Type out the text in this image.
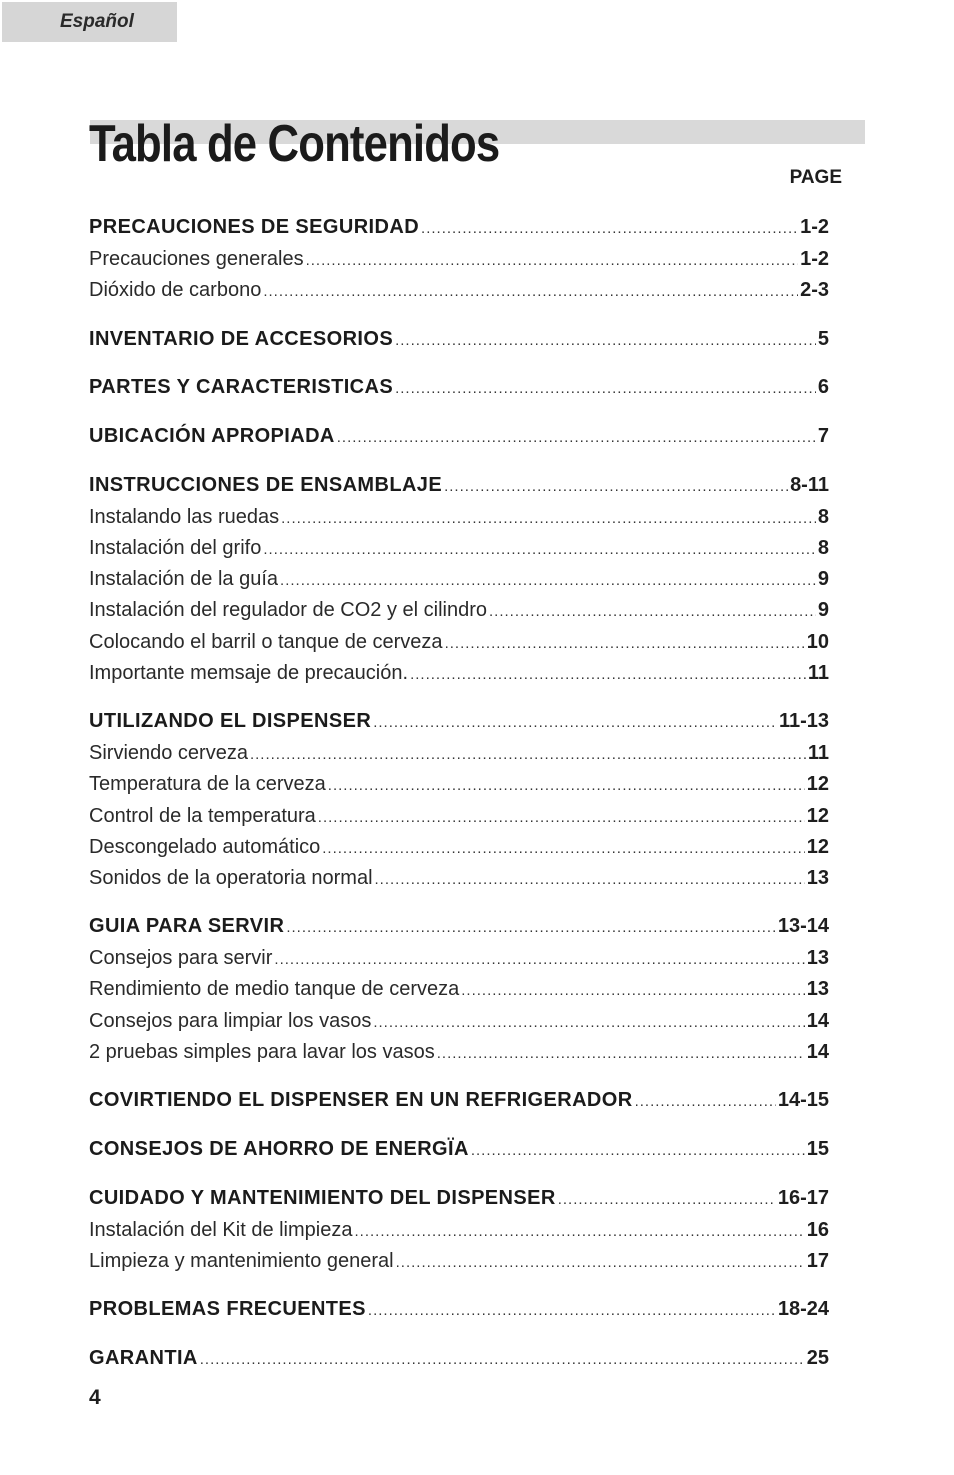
Español
Tabla de Contenidos
PAGE
PRECAUCIONES DE SEGURIDAD .....	1-2
Precauciones generales .....	1-2
Dióxido de carbono .....	2-3
INVENTARIO DE ACCESORIOS .....	5
PARTES Y CARACTERISTICAS .....	6
UBICACIÓN APROPIADA .....	7
INSTRUCCIONES DE ENSAMBLAJE .....	8-11
Instalando las ruedas .....	8
Instalación del grifo .....	8
Instalación de la guía .....	9
Instalación del regulador de CO2 y el cilindro .....	9
Colocando el barril o tanque de cerveza .....	10
Importante memsaje de precaución. .....	11
UTILIZANDO EL DISPENSER .....	11-13
Sirviendo cerveza .....	11
Temperatura de la cerveza .....	12
Control de la temperatura .....	12
Descongelado automático .....	12
Sonidos de la operatoria normal .....	13
GUIA PARA SERVIR .....	13-14
Consejos para servir .....	13
Rendimiento de medio tanque de cerveza .....	13
Consejos para limpiar los vasos .....	14
2 pruebas simples para lavar los vasos .....	14
COVIRTIENDO EL DISPENSER EN UN REFRIGERADOR .....	14-15
CONSEJOS DE AHORRO DE ENERGÏA .....	15
CUIDADO Y MANTENIMIENTO DEL DISPENSER .....	16-17
Instalación del Kit de limpieza .....	16
Limpieza y mantenimiento general .....	17
PROBLEMAS FRECUENTES .....	18-24
GARANTIA .....	25
4
